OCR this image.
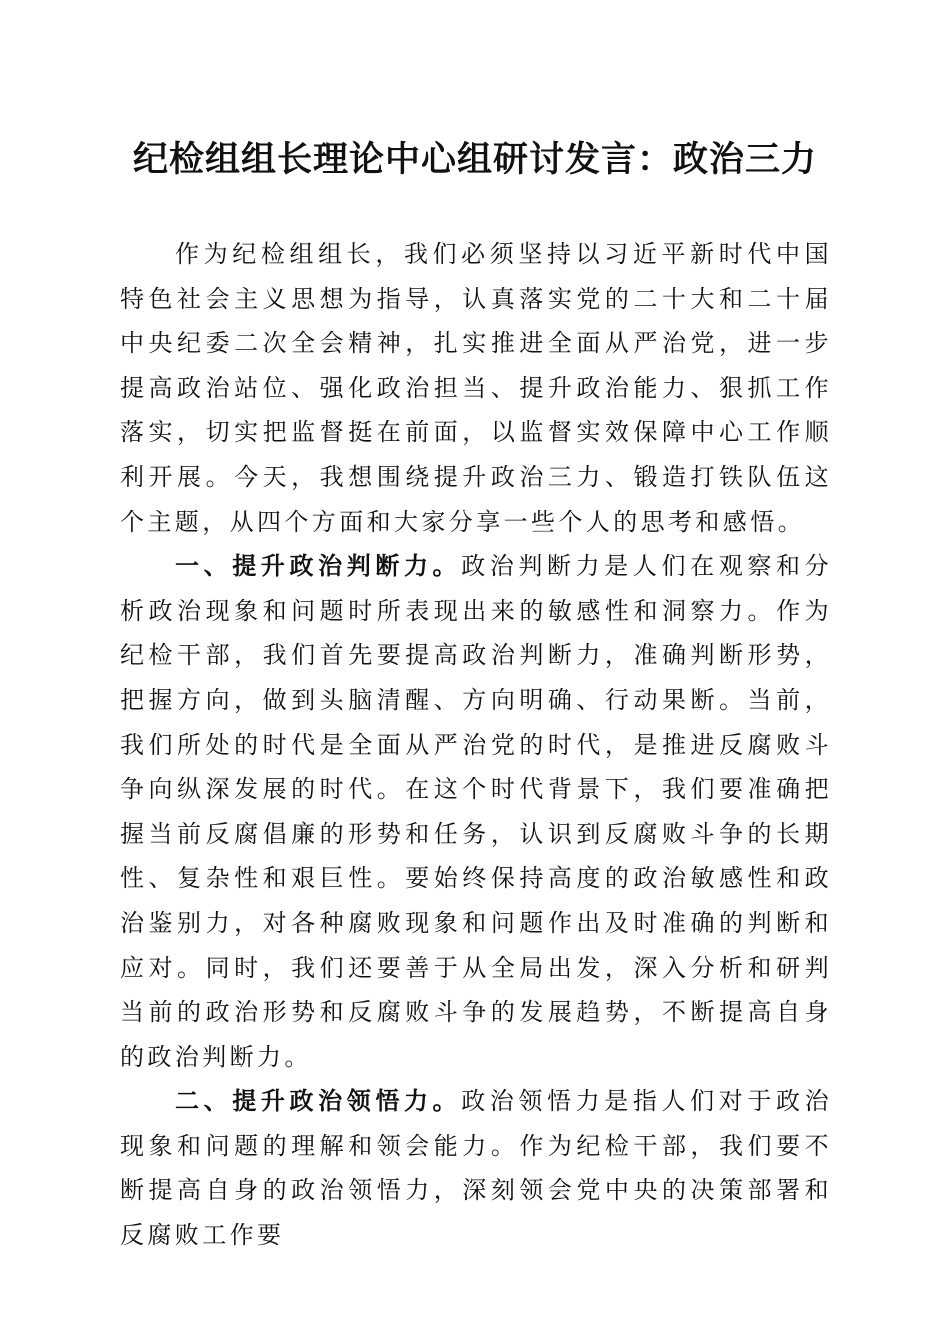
纪检组组长理论中心组研讨发言：政治三力

作为纪检组组长，我们必须坚持以习近平新时代中国特色社会主义思想为指导，认真落实党的二十大和二十届中央纪委二次全会精神，扎实推进全面从严治党，进一步提高政治站位、强化政治担当、提升政治能力、狠抓工作落实，切实把监督挺在前面，以监督实效保障中心工作顺利开展。今天，我想围绕提升政治三力、锻造打铁队伍这个主题，从四个方面和大家分享一些个人的思考和感悟。

一、提升政治判断力。政治判断力是人们在观察和分析政治现象和问题时所表现出来的敏感性和洞察力。作为纪检干部，我们首先要提高政治判断力，准确判断形势，把握方向，做到头脑清醒、方向明确、行动果断。当前，我们所处的时代是全面从严治党的时代，是推进反腐败斗争向纵深发展的时代。在这个时代背景下，我们要准确把握当前反腐倡廉的形势和任务，认识到反腐败斗争的长期性、复杂性和艰巨性。要始终保持高度的政治敏感性和政治鉴别力，对各种腐败现象和问题作出及时准确的判断和应对。同时，我们还要善于从全局出发，深入分析和研判当前的政治形势和反腐败斗争的发展趋势，不断提高自身的政治判断力。

二、提升政治领悟力。政治领悟力是指人们对于政治现象和问题的理解和领会能力。作为纪检干部，我们要不断提高自身的政治领悟力，深刻领会党中央的决策部署和反腐败工作要
